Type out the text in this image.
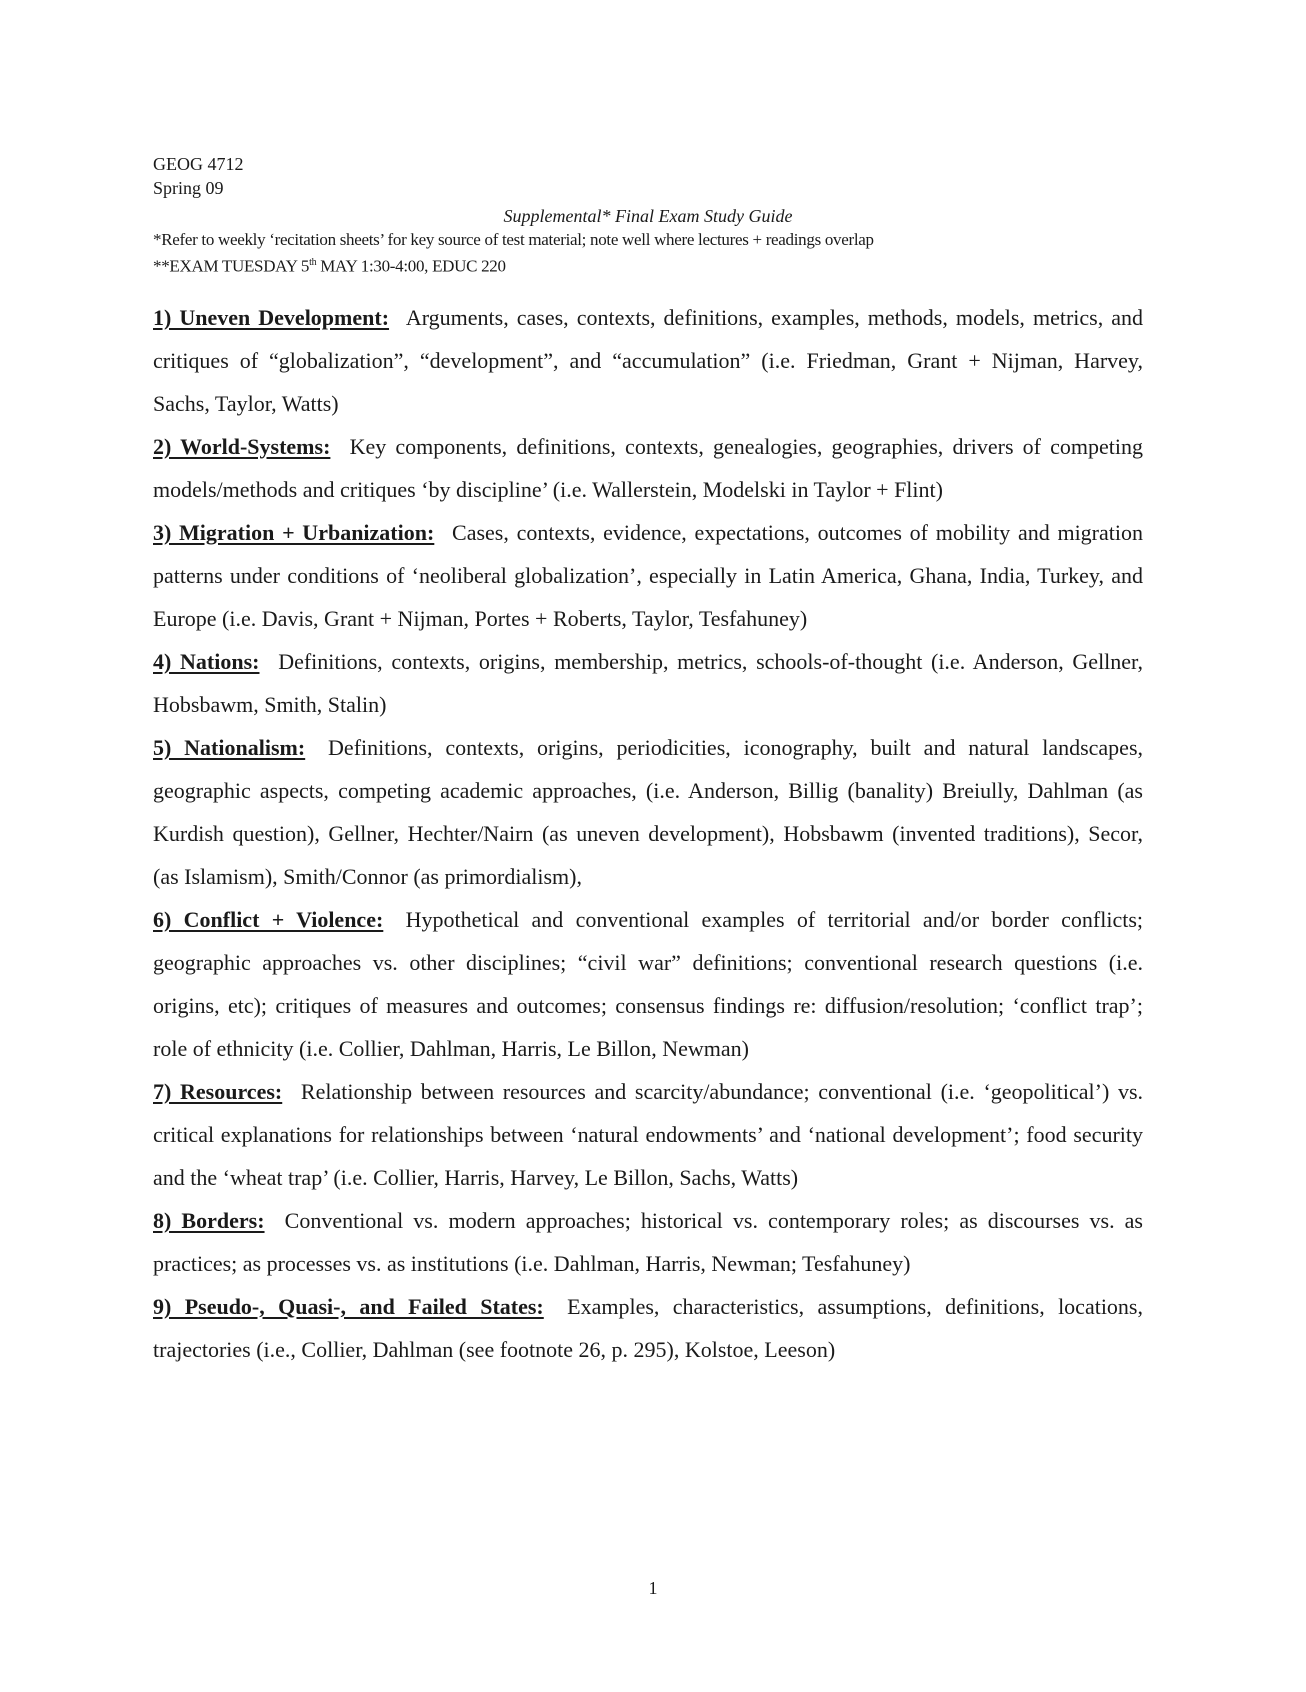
GEOG 4712
Spring 09
Supplemental* Final Exam Study Guide
*Refer to weekly ‘recitation sheets’ for key source of test material; note well where lectures + readings overlap
**EXAM TUESDAY 5th MAY 1:30-4:00, EDUC 220

1) Uneven Development: Arguments, cases, contexts, definitions, examples, methods, models, metrics, and critiques of “globalization”, “development”, and “accumulation” (i.e. Friedman, Grant + Nijman, Harvey, Sachs, Taylor, Watts)

2) World-Systems: Key components, definitions, contexts, genealogies, geographies, drivers of competing models/methods and critiques ‘by discipline’ (i.e. Wallerstein, Modelski in Taylor + Flint)

3) Migration + Urbanization: Cases, contexts, evidence, expectations, outcomes of mobility and migration patterns under conditions of ‘neoliberal globalization’, especially in Latin America, Ghana, India, Turkey, and Europe (i.e. Davis, Grant + Nijman, Portes + Roberts, Taylor, Tesfahuney)

4) Nations: Definitions, contexts, origins, membership, metrics, schools-of-thought (i.e. Anderson, Gellner, Hobsbawm, Smith, Stalin)

5) Nationalism: Definitions, contexts, origins, periodicities, iconography, built and natural landscapes, geographic aspects, competing academic approaches, (i.e. Anderson, Billig (banality) Breiully, Dahlman (as Kurdish question), Gellner, Hechter/Nairn (as uneven development), Hobsbawm (invented traditions), Secor, (as Islamism), Smith/Connor (as primordialism),

6) Conflict + Violence: Hypothetical and conventional examples of territorial and/or border conflicts; geographic approaches vs. other disciplines; “civil war” definitions; conventional research questions (i.e. origins, etc); critiques of measures and outcomes; consensus findings re: diffusion/resolution; ‘conflict trap’; role of ethnicity (i.e. Collier, Dahlman, Harris, Le Billon, Newman)

7) Resources: Relationship between resources and scarcity/abundance; conventional (i.e. ‘geopolitical’) vs. critical explanations for relationships between ‘natural endowments’ and ‘national development’; food security and the ‘wheat trap’ (i.e. Collier, Harris, Harvey, Le Billon, Sachs, Watts)

8) Borders: Conventional vs. modern approaches; historical vs. contemporary roles; as discourses vs. as practices; as processes vs. as institutions (i.e. Dahlman, Harris, Newman; Tesfahuney)

9) Pseudo-, Quasi-, and Failed States: Examples, characteristics, assumptions, definitions, locations, trajectories (i.e., Collier, Dahlman (see footnote 26, p. 295), Kolstoe, Leeson)

1
